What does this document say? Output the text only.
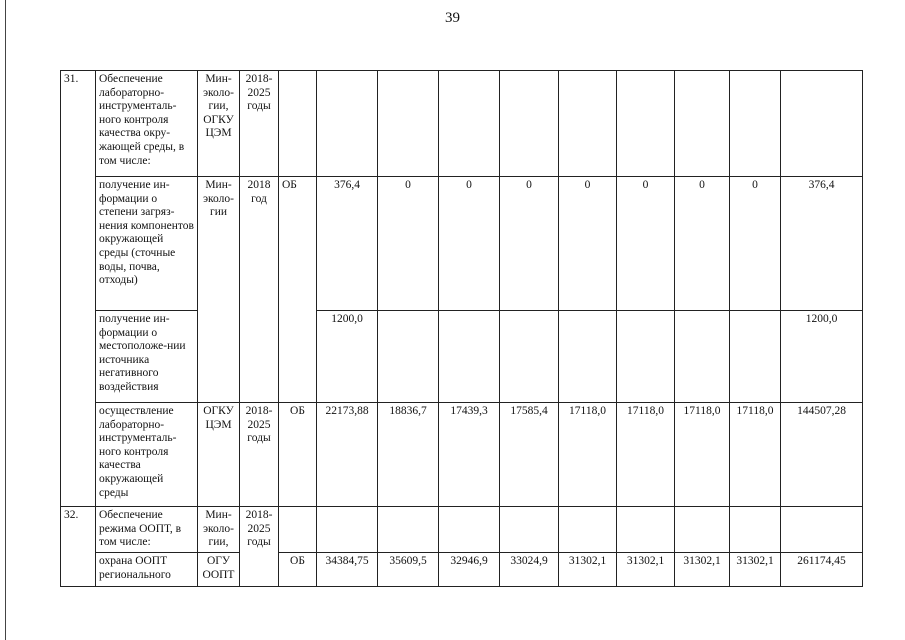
39
31.	Обеспечение лабораторно-инструменталь-ного контроля качества окру-жающей среды, в том числе:	Мин-эколо-гии, ОГКУ ЦЭМ	2018-2025 годы										
	получение ин-формации о степени загряз-нения компонентов окружающей среды (сточные воды, почва, отходы)	Мин-эколо-гии	2018 год	ОБ	376,4	0	0	0	0	0	0	0	376,4
	получение ин-формации о местоположе-нии источника негативного воздействия				1200,0								1200,0
	осуществление лабораторно-инструменталь-ного контроля качества окружающей среды	ОГКУ ЦЭМ	2018-2025 годы	ОБ	22173,88	18836,7	17439,3	17585,4	17118,0	17118,0	17118,0	17118,0	144507,28
32.	Обеспечение режима ООПТ, в том числе:	Мин-эколо-гии,	2018-2025 годы										
	охрана ООПТ регионального	ОГУ ООПТ		ОБ	34384,75	35609,5	32946,9	33024,9	31302,1	31302,1	31302,1	31302,1	261174,45
